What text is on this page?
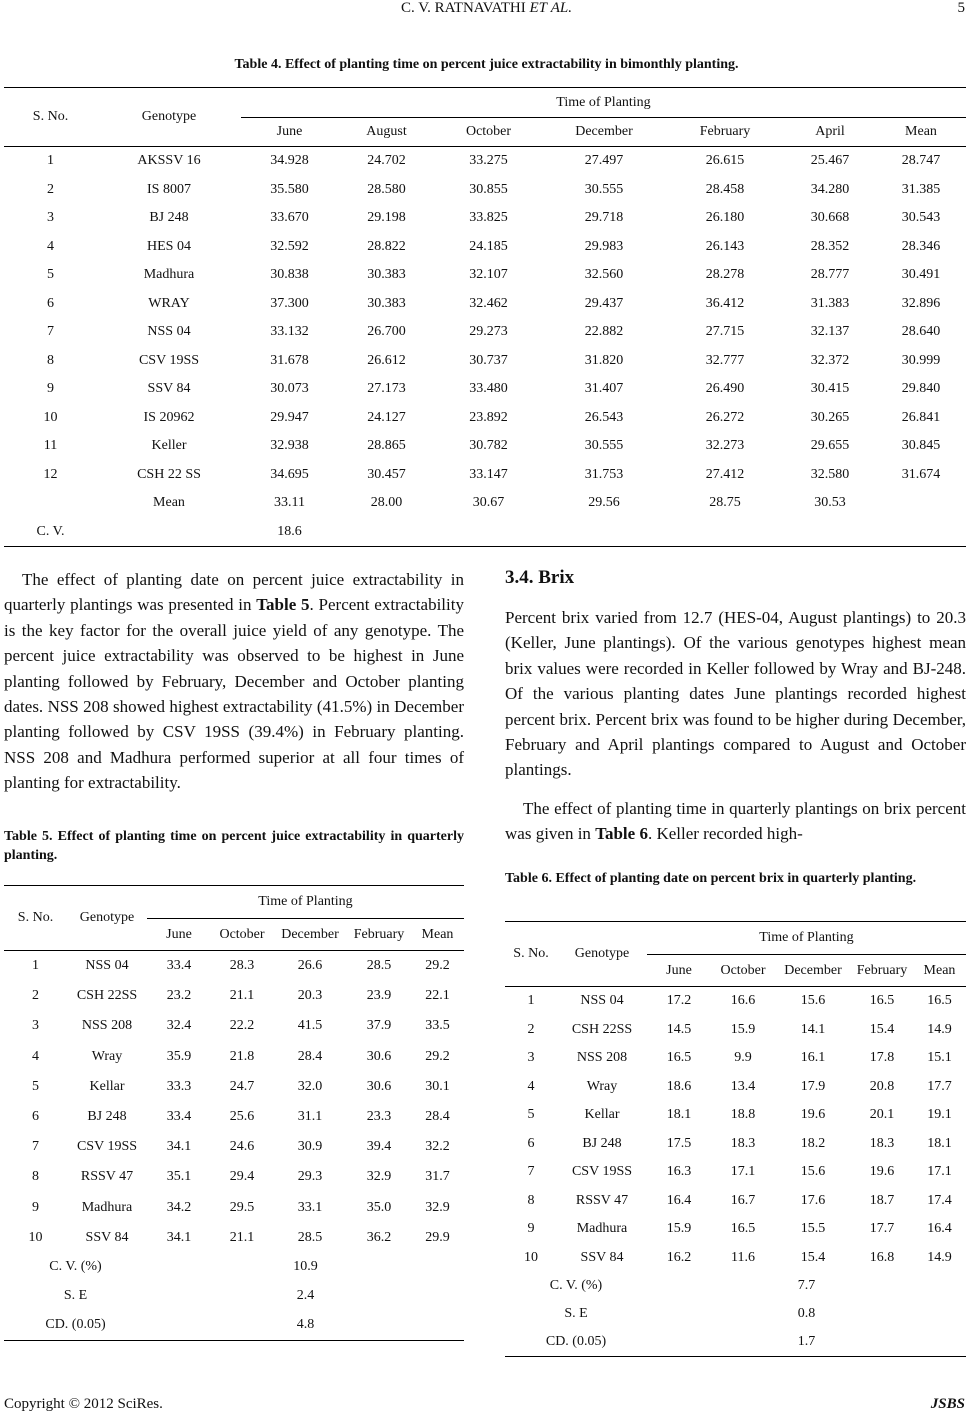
C. V. RATNAVATHI ET AL.	5
Table 4. Effect of planting time on percent juice extractability in bimonthly planting.
S. No.	Genotype	Time of Planting						
		June	August	October	December	February	April	Mean
1	AKSSV 16	34.928	24.702	33.275	27.497	26.615	25.467	28.747
2	IS 8007	35.580	28.580	30.855	30.555	28.458	34.280	31.385
3	BJ 248	33.670	29.198	33.825	29.718	26.180	30.668	30.543
4	HES 04	32.592	28.822	24.185	29.983	26.143	28.352	28.346
5	Madhura	30.838	30.383	32.107	32.560	28.278	28.777	30.491
6	WRAY	37.300	30.383	32.462	29.437	36.412	31.383	32.896
7	NSS 04	33.132	26.700	29.273	22.882	27.715	32.137	28.640
8	CSV 19SS	31.678	26.612	30.737	31.820	32.777	32.372	30.999
9	SSV 84	30.073	27.173	33.480	31.407	26.490	30.415	29.840
10	IS 20962	29.947	24.127	23.892	26.543	26.272	30.265	26.841
11	Keller	32.938	28.865	30.782	30.555	32.273	29.655	30.845
12	CSH 22 SS	34.695	30.457	33.147	31.753	27.412	32.580	31.674
	Mean	33.11	28.00	30.67	29.56	28.75	30.53	
C. V.		18.6						
The effect of planting date on percent juice extractability in quarterly plantings was presented in Table 5. Percent extractability is the key factor for the overall juice yield of any genotype. The percent juice extractability was observed to be highest in June planting followed by February, December and October planting dates. NSS 208 showed highest extractability (41.5%) in December planting followed by CSV 19SS (39.4%) in February planting. NSS 208 and Madhura performed superior at all four times of planting for extractability.
Table 5. Effect of planting time on percent juice extractability in quarterly planting.
S. No.	Genotype	Time of Planting				
		June	October	December	February	Mean
1	NSS 04	33.4	28.3	26.6	28.5	29.2
2	CSH 22SS	23.2	21.1	20.3	23.9	22.1
3	NSS 208	32.4	22.2	41.5	37.9	33.5
4	Wray	35.9	21.8	28.4	30.6	29.2
5	Kellar	33.3	24.7	32.0	30.6	30.1
6	BJ 248	33.4	25.6	31.1	23.3	28.4
7	CSV 19SS	34.1	24.6	30.9	39.4	32.2
8	RSSV 47	35.1	29.4	29.3	32.9	31.7
9	Madhura	34.2	29.5	33.1	35.0	32.9
10	SSV 84	34.1	21.1	28.5	36.2	29.9
C. V. (%)		10.9				
S. E		2.4				
CD. (0.05)		4.8				
3.4. Brix
Percent brix varied from 12.7 (HES-04, August plantings) to 20.3 (Keller, June plantings). Of the various genotypes highest mean brix values were recorded in Keller followed by Wray and BJ-248. Of the various planting dates June plantings recorded highest percent brix. Percent brix was found to be higher during December, February and April plantings compared to August and October plantings.
The effect of planting time in quarterly plantings on brix percent was given in Table 6. Keller recorded high-
Table 6. Effect of planting date on percent brix in quarterly planting.
S. No.	Genotype	Time of Planting				
		June	October	December	February	Mean
1	NSS 04	17.2	16.6	15.6	16.5	16.5
2	CSH 22SS	14.5	15.9	14.1	15.4	14.9
3	NSS 208	16.5	9.9	16.1	17.8	15.1
4	Wray	18.6	13.4	17.9	20.8	17.7
5	Kellar	18.1	18.8	19.6	20.1	19.1
6	BJ 248	17.5	18.3	18.2	18.3	18.1
7	CSV 19SS	16.3	17.1	15.6	19.6	17.1
8	RSSV 47	16.4	16.7	17.6	18.7	17.4
9	Madhura	15.9	16.5	15.5	17.7	16.4
10	SSV 84	16.2	11.6	15.4	16.8	14.9
C. V. (%)		7.7				
S. E		0.8				
CD. (0.05)		1.7				
Copyright © 2012 SciRes.	JSBS
